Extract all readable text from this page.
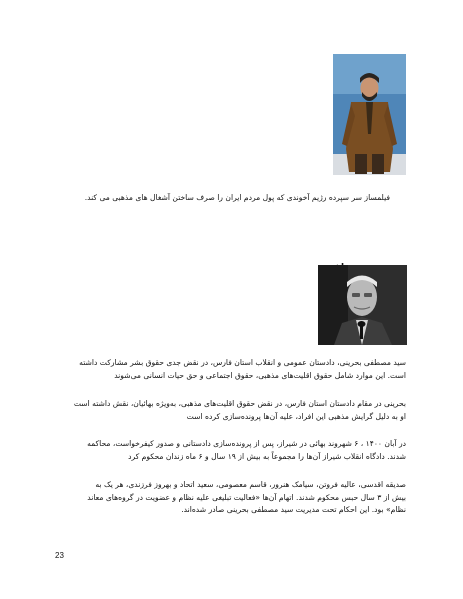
فیلمساز سر سپرده رژیم آخوندی که پول مردم ایران را صرف ساختن آشغال های مذهبی می کند.

سید مصطفی بحرینی، دادستان عمومی و انقلاب استان فارس، در نقض جدی حقوق بشر مشارکت داشته

است. این موارد شامل حقوق اقلیت‌های مذهبی، حقوق اجتماعی و حق حیات انسانی می‌شوند

بحرینی در مقام دادستان استان فارس، در نقض حقوق اقلیت‌های مذهبی، به‌ویژه بهائیان، نقش داشته است

او به دلیل گرایش مذهبی این افراد، علیه آن‌ها پرونده‌سازی کرده است

در آبان ۱۴۰۰ ، ۶ شهروند بهائی در شیراز، پس از پرونده‌سازی دادستانی و صدور کیفرخواست، محاکمه

شدند. دادگاه انقلاب شیراز آن‌ها را مجموعاً به بیش از ۱۹ سال و ۶ ماه زندان محکوم کرد

صدیقه اقدسی، عالیه فروتن، سیامک هنرور، قاسم معصومی، سعید اتحاد و بهروز فرزندی، هر یک به

بیش از ۳ سال حبس محکوم شدند. اتهام آن‌ها «فعالیت تبلیغی علیه نظام و عضویت در گروه‌های معاند

نظام» بود. این احکام تحت مدیریت سید مصطفی بحرینی صادر شده‌اند.

23
